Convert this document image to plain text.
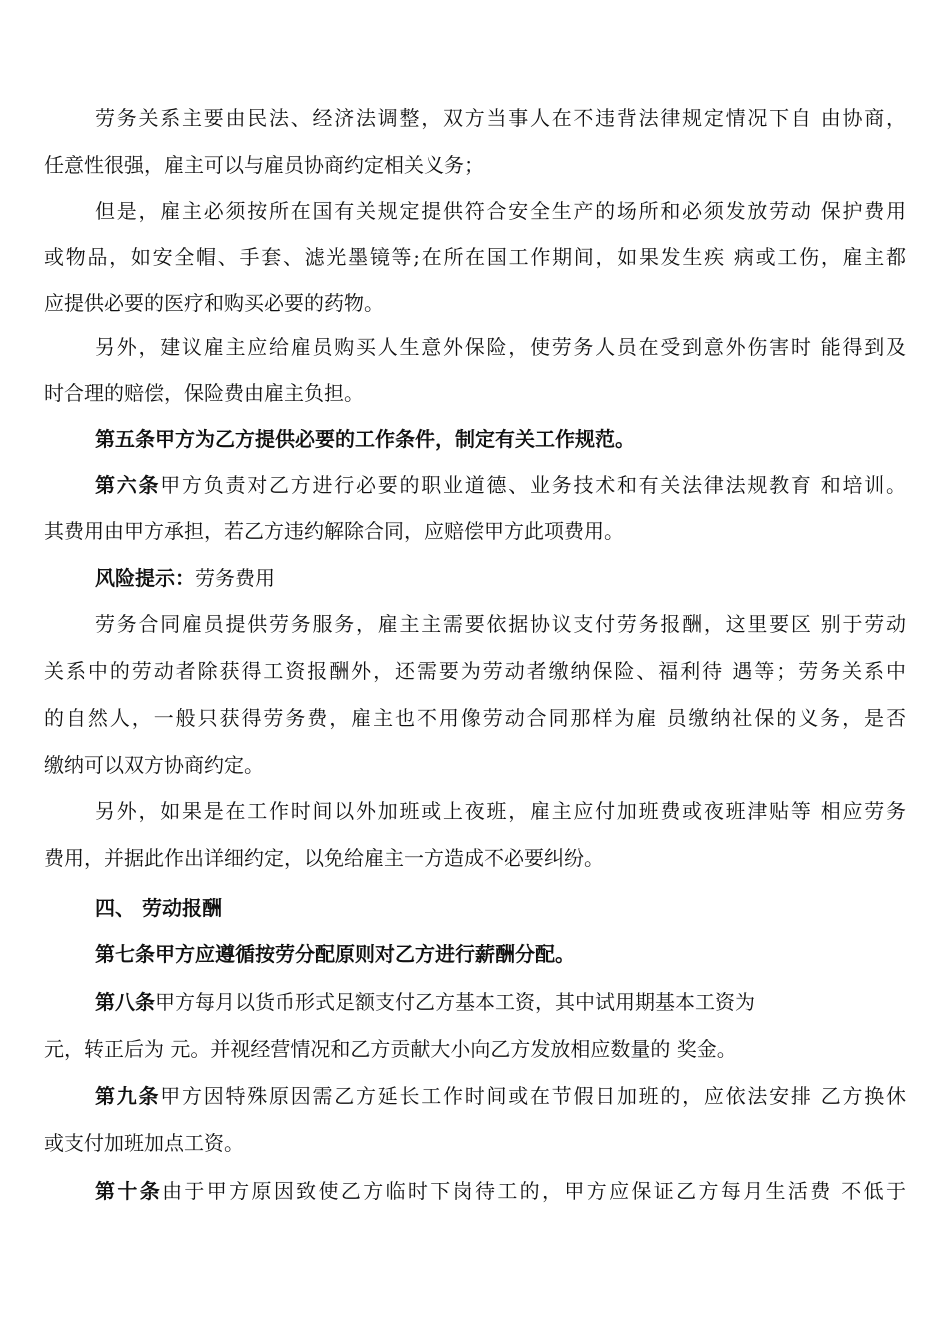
劳务关系主要由民法、经济法调整，双方当事人在不违背法律规定情况下自 由协商，
任意性很强，雇主可以与雇员协商约定相关义务；
但是，雇主必须按所在国有关规定提供符合安全生产的场所和必须发放劳动 保护费用
或物品，如安全帽、手套、滤光墨镜等;在所在国工作期间，如果发生疾 病或工伤，雇主都
应提供必要的医疗和购买必要的药物。
另外，建议雇主应给雇员购买人生意外保险，使劳务人员在受到意外伤害时 能得到及
时合理的赔偿，保险费由雇主负担。
第五条甲方为乙方提供必要的工作条件，制定有关工作规范。
第六条甲方负责对乙方进行必要的职业道德、业务技术和有关法律法规教育 和培训。
其费用由甲方承担，若乙方违约解除合同，应赔偿甲方此项费用。
风险提示：劳务费用
劳务合同雇员提供劳务服务，雇主主需要依据协议支付劳务报酬，这里要区 别于劳动
关系中的劳动者除获得工资报酬外，还需要为劳动者缴纳保险、福利待 遇等；劳务关系中
的自然人，一般只获得劳务费，雇主也不用像劳动合同那样为雇 员缴纳社保的义务，是否
缴纳可以双方协商约定。
另外，如果是在工作时间以外加班或上夜班，雇主应付加班费或夜班津贴等 相应劳务
费用，并据此作出详细约定，以免给雇主一方造成不必要纠纷。
四、 劳动报酬
第七条甲方应遵循按劳分配原则对乙方进行薪酬分配。
第八条甲方每月以货币形式足额支付乙方基本工资，其中试用期基本工资为
元，转正后为 元。并视经营情况和乙方贡献大小向乙方发放相应数量的 奖金。
第九条甲方因特殊原因需乙方延长工作时间或在节假日加班的，应依法安排 乙方换休
或支付加班加点工资。
第十条由于甲方原因致使乙方临时下岗待工的，甲方应保证乙方每月生活费 不低于
